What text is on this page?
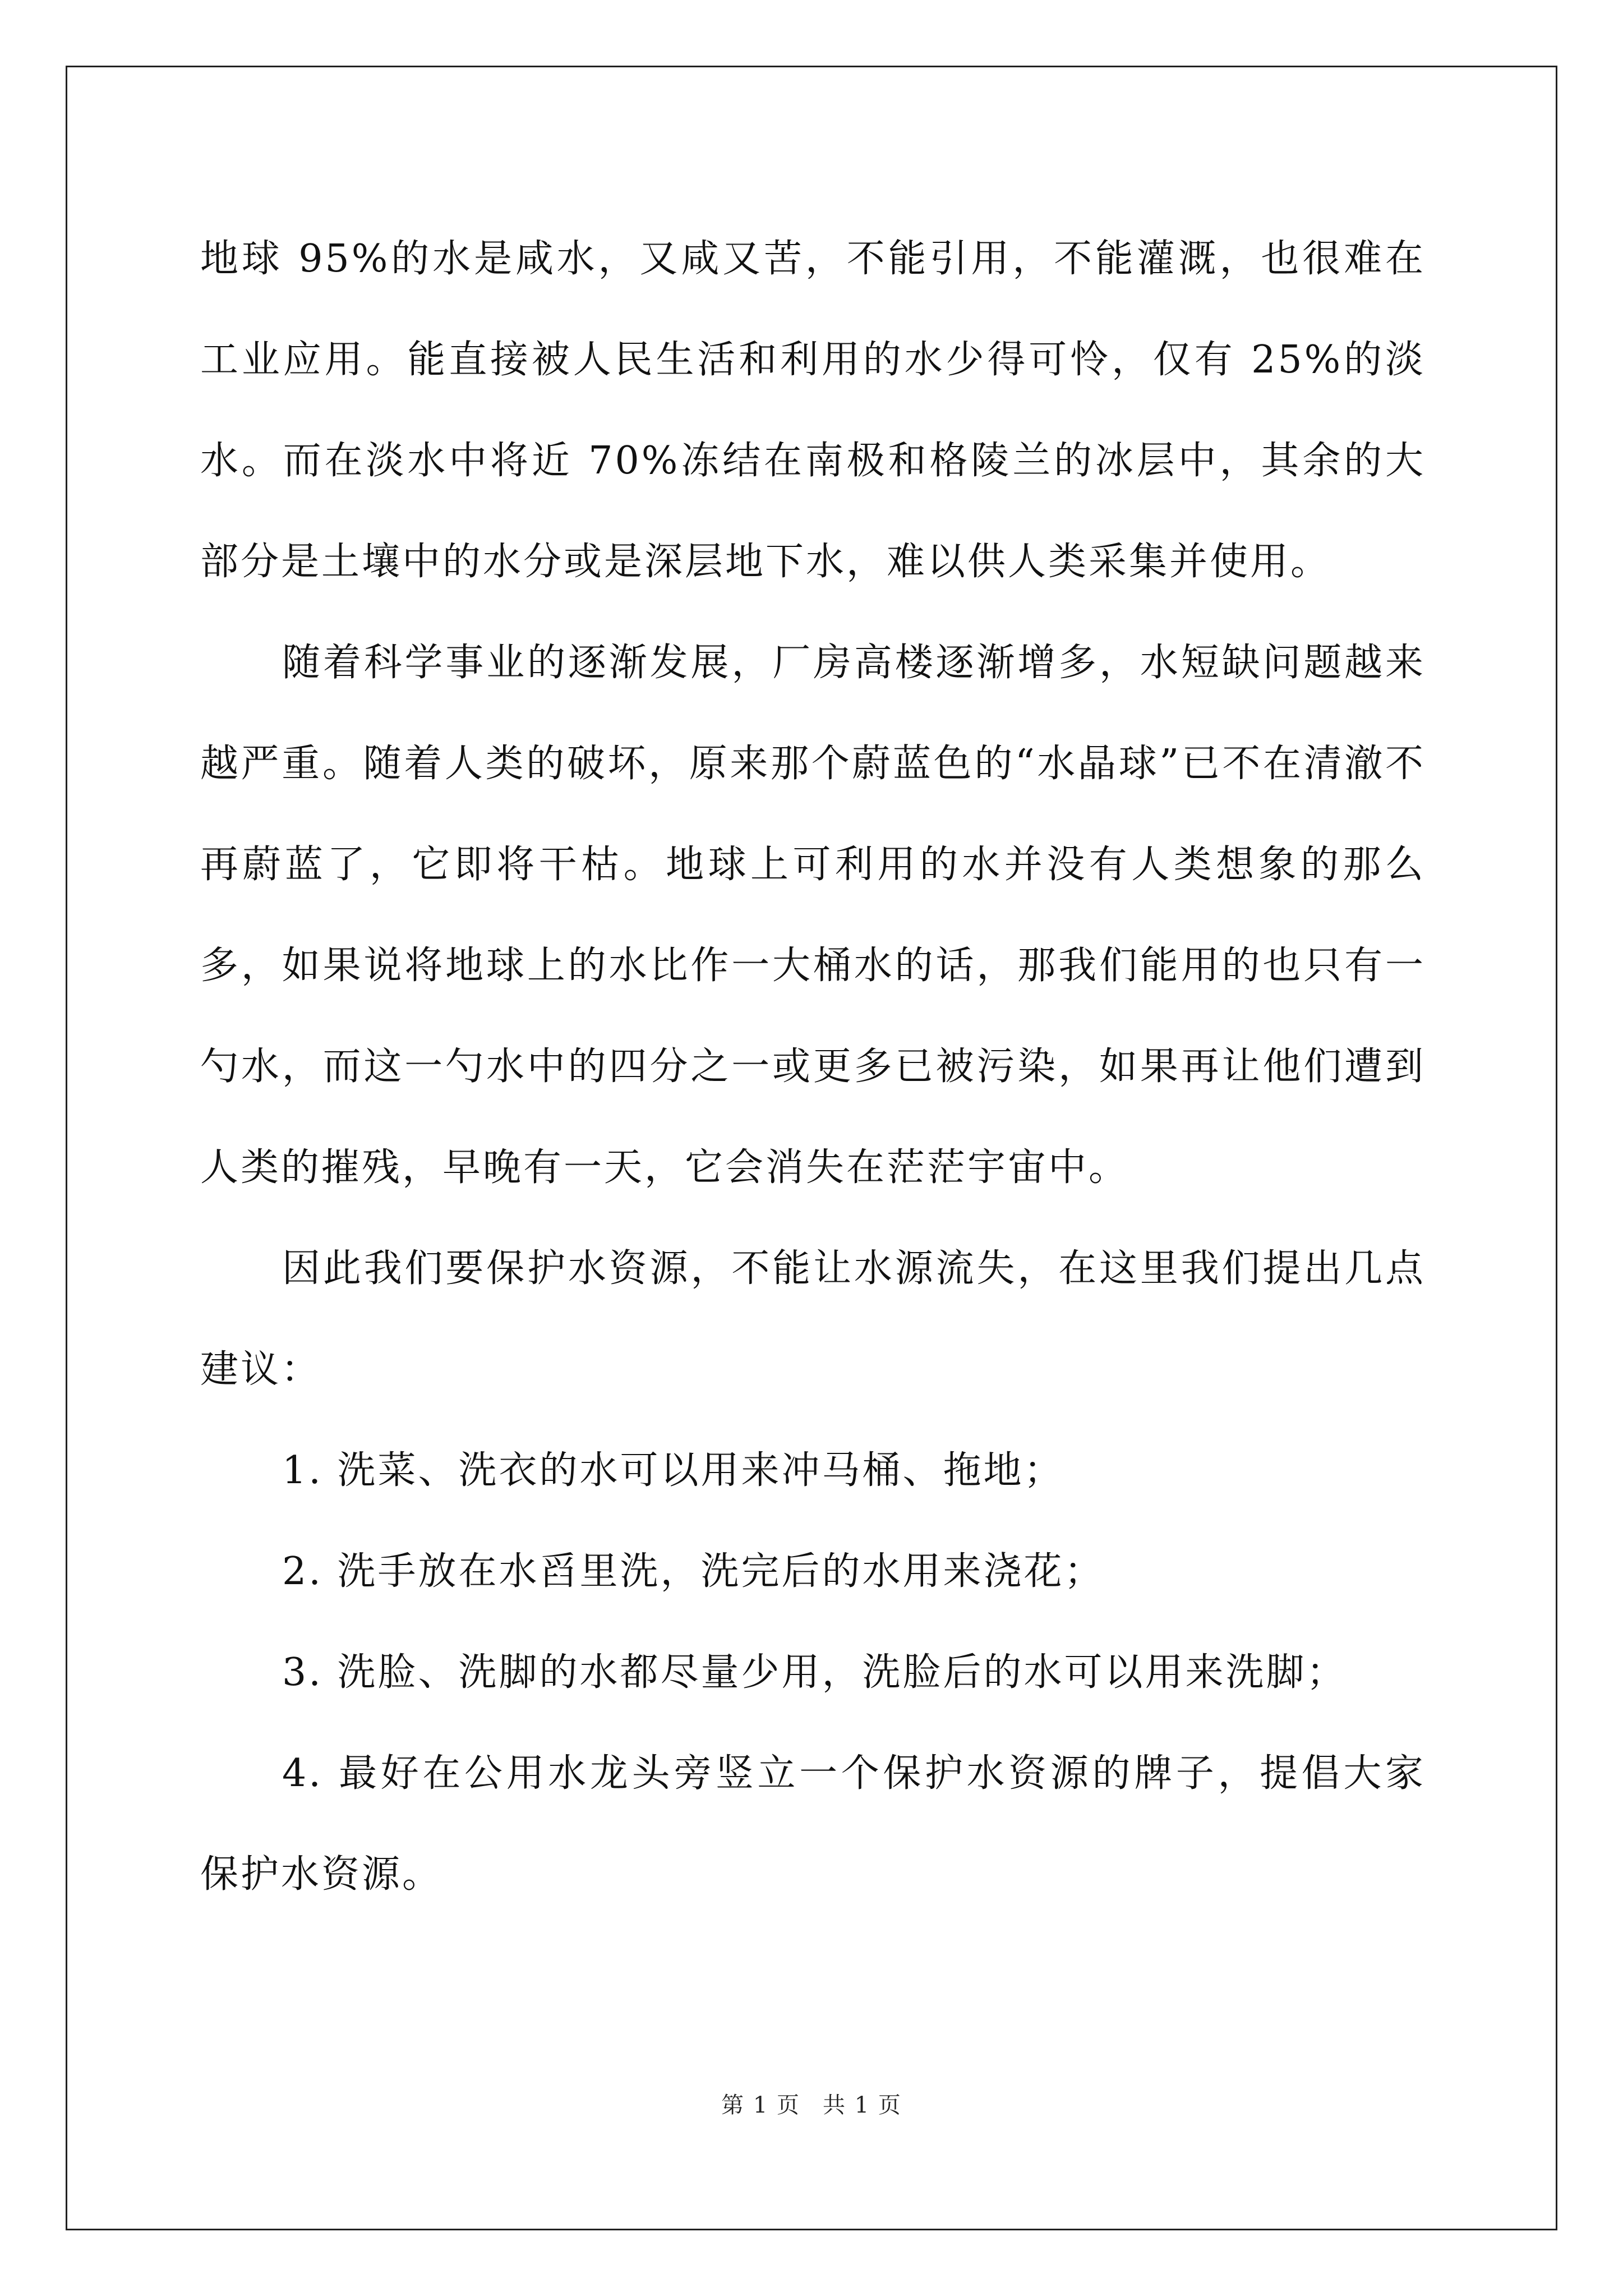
地球 95%的水是咸水，又咸又苦，不能引用，不能灌溉，也很难在工业应用。能直接被人民生活和利用的水少得可怜，仅有 25%的淡水。而在淡水中将近 70%冻结在南极和格陵兰的冰层中，其余的大部分是土壤中的水分或是深层地下水，难以供人类采集并使用。

随着科学事业的逐渐发展，厂房高楼逐渐增多，水短缺问题越来越严重。随着人类的破坏，原来那个蔚蓝色的“水晶球”已不在清澈不再蔚蓝了，它即将干枯。地球上可利用的水并没有人类想象的那么多，如果说将地球上的水比作一大桶水的话，那我们能用的也只有一勺水，而这一勺水中的四分之一或更多已被污染，如果再让他们遭到人类的摧残，早晚有一天，它会消失在茫茫宇宙中。

因此我们要保护水资源，不能让水源流失，在这里我们提出几点建议：

1. 洗菜、洗衣的水可以用来冲马桶、拖地；

2. 洗手放在水舀里洗，洗完后的水用来浇花；

3. 洗脸、洗脚的水都尽量少用，洗脸后的水可以用来洗脚；

4. 最好在公用水龙头旁竖立一个保护水资源的牌子，提倡大家保护水资源。

第 1 页 共 1 页
